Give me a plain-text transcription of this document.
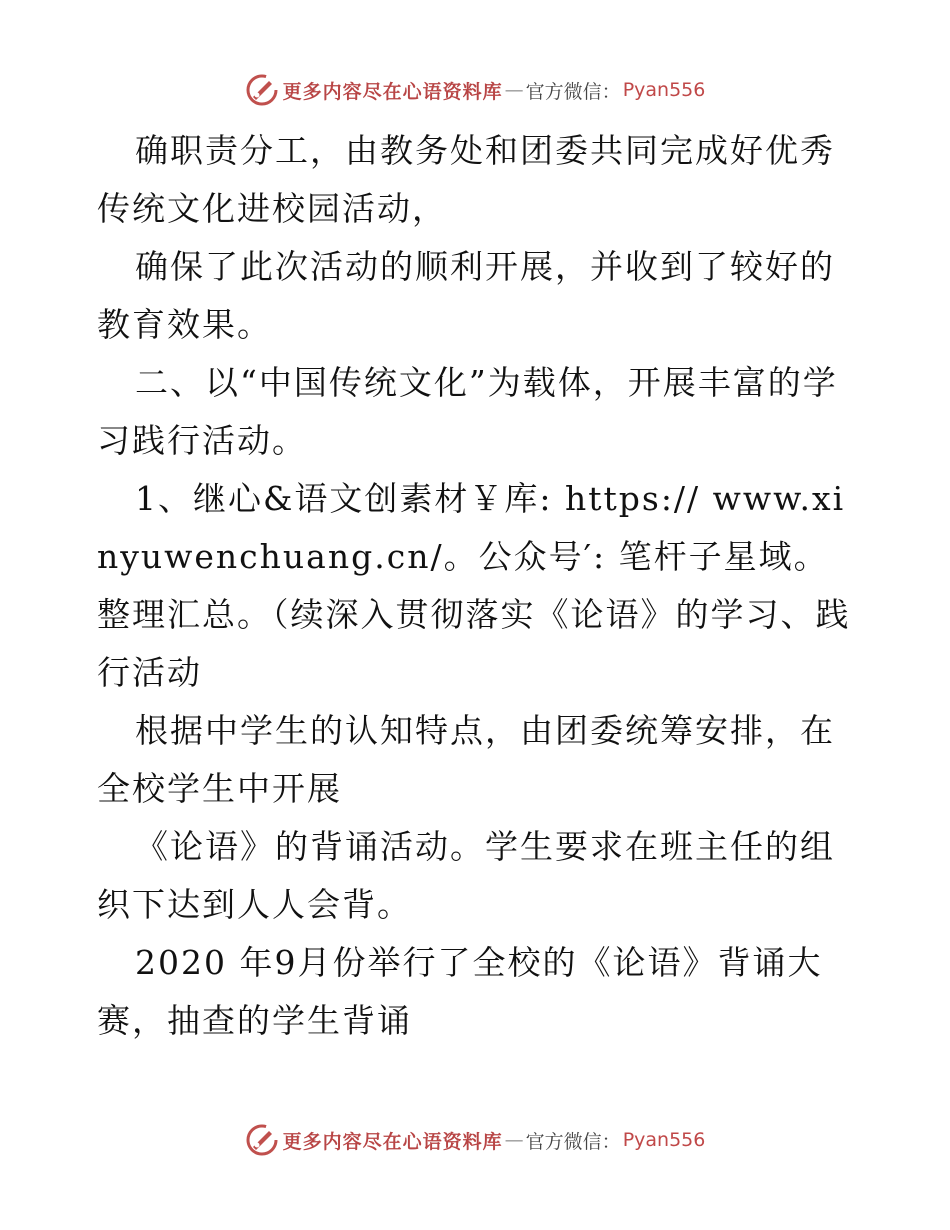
更多内容尽在心语资料库 — 官方微信： Pyan556

确职责分工，由教务处和团委共同完成好优秀传统文化进校园活动，

确保了此次活动的顺利开展，并收到了较好的教育效果。

二、以“中国传统文化”为载体，开展丰富的学习践行活动。

1、继心&语文创素材￥库: https:// www.xinyuwenchuang.cn/。公众号′: 笔杆子星域。整理汇总。（续深入贯彻落实《论语》的学习、践行活动

根据中学生的认知特点，由团委统筹安排，在全校学生中开展

《论语》的背诵活动。学生要求在班主任的组织下达到人人会背。

2020 年9月份举行了全校的《论语》背诵大赛，抽查的学生背诵

更多内容尽在心语资料库 — 官方微信： Pyan556
